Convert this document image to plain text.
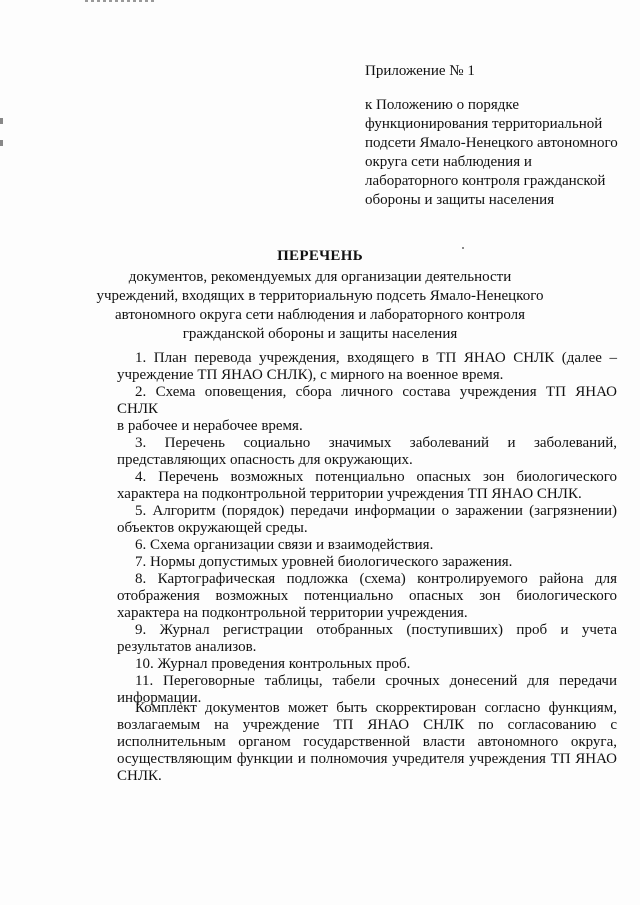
Приложение № 1

к Положению о порядке функционирования территориальной подсети Ямало-Ненецкого автономного округа сети наблюдения и лабораторного контроля гражданской обороны и защиты населения

ПЕРЕЧЕНЬ

документов, рекомендуемых для организации деятельности учреждений, входящих в территориальную подсеть Ямало-Ненецкого автономного округа сети наблюдения и лабораторного контроля гражданской обороны и защиты населения

1. План перевода учреждения, входящего в ТП ЯНАО СНЛК (далее –
учреждение ТП ЯНАО СНЛК), с мирного на военное время.
2. Схема оповещения, сбора личного состава учреждения ТП ЯНАО СНЛК
в рабочее и нерабочее время.
3. Перечень социально значимых заболеваний и заболеваний,
представляющих опасность для окружающих.
4. Перечень возможных потенциально опасных зон биологического
характера на подконтрольной территории учреждения ТП ЯНАО СНЛК.
5. Алгоритм (порядок) передачи информации о заражении (загрязнении)
объектов окружающей среды.
6. Схема организации связи и взаимодействия.
7. Нормы допустимых уровней биологического заражения.
8. Картографическая подложка (схема) контролируемого района для
отображения возможных потенциально опасных зон биологического характера на подконтрольной территории учреждения.
9. Журнал регистрации отобранных (поступивших) проб и учета
результатов анализов.
10. Журнал проведения контрольных проб.
11. Переговорные таблицы, табели срочных донесений для передачи
информации.

Комплект документов может быть скорректирован согласно функциям, возлагаемым на учреждение ТП ЯНАО СНЛК по согласованию с исполнительным органом государственной власти автономного округа, осуществляющим функции и полномочия учредителя учреждения ТП ЯНАО СНЛК.
